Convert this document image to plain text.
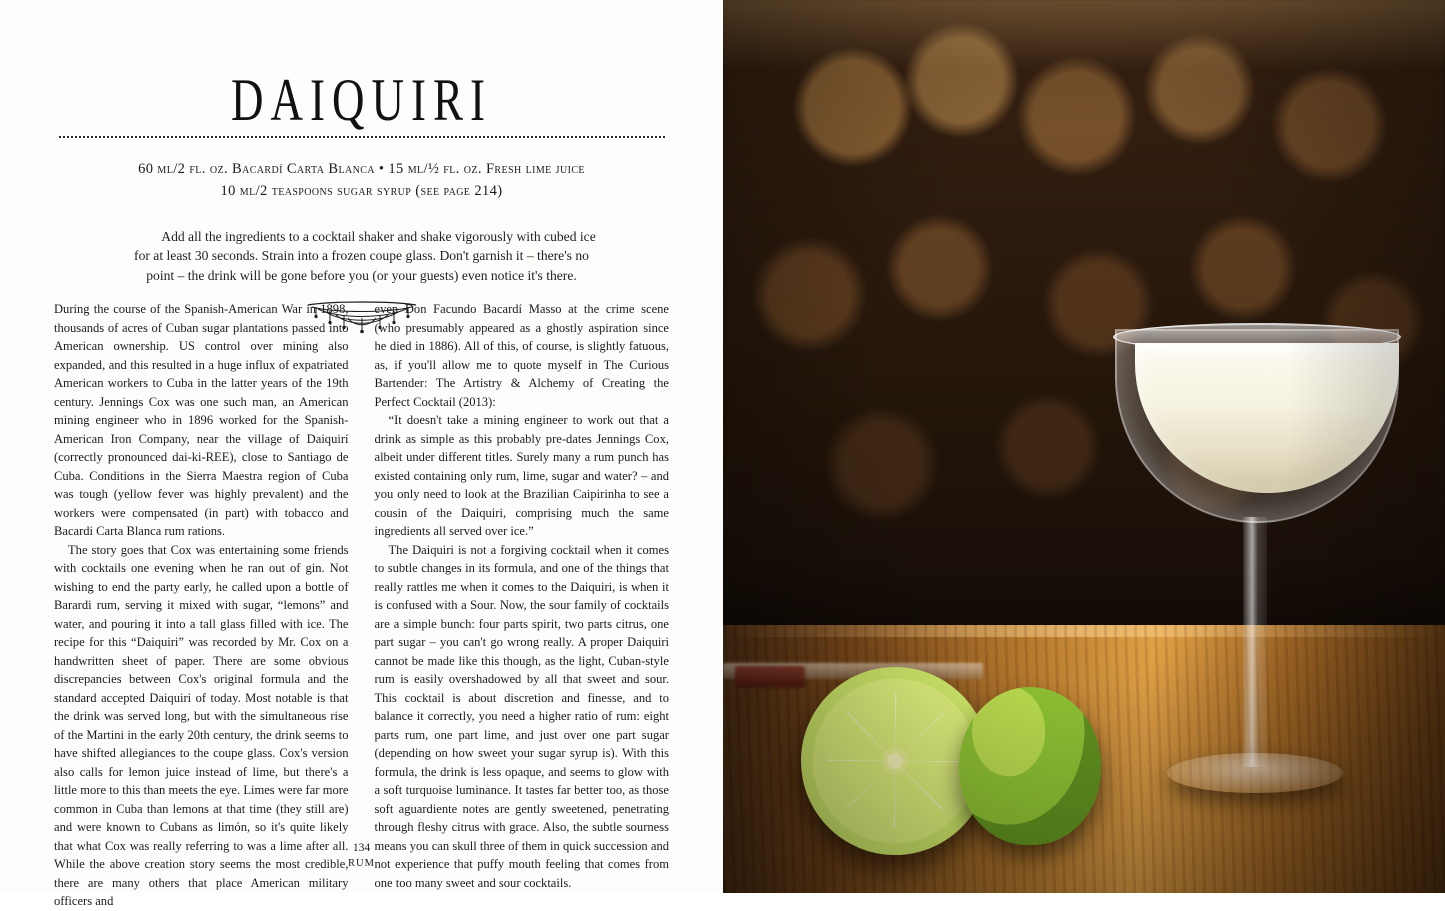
DAIQUIRI
60 ml/2 fl. oz. Bacardí Carta Blanca • 15 ml/½ fl. oz. Fresh lime juice
10 ml/2 teaspoons sugar syrup (see page 214)
Add all the ingredients to a cocktail shaker and shake vigorously with cubed ice for at least 30 seconds. Strain into a frozen coupe glass. Don't garnish it – there's no point – the drink will be gone before you (or your guests) even notice it's there.

During the course of the Spanish-American War in 1898, thousands of acres of Cuban sugar plantations passed into American ownership. US control over mining also expanded, and this resulted in a huge influx of expatriated American workers to Cuba in the latter years of the 19th century. Jennings Cox was one such man, an American mining engineer who in 1896 worked for the Spanish-American Iron Company, near the village of Daiquirí (correctly pronounced dai-ki-REE), close to Santiago de Cuba. Conditions in the Sierra Maestra region of Cuba was tough (yellow fever was highly prevalent) and the workers were compensated (in part) with tobacco and Bacardi Carta Blanca rum rations.

The story goes that Cox was entertaining some friends with cocktails one evening when he ran out of gin. Not wishing to end the party early, he called upon a bottle of Barardi rum, serving it mixed with sugar, “lemons” and water, and pouring it into a tall glass filled with ice. The recipe for this “Daiquiri” was recorded by Mr. Cox on a handwritten sheet of paper. There are some obvious discrepancies between Cox's original formula and the standard accepted Daiquiri of today. Most notable is that the drink was served long, but with the simultaneous rise of the Martini in the early 20th century, the drink seems to have shifted allegiances to the coupe glass. Cox's version also calls for lemon juice instead of lime, but there's a little more to this than meets the eye. Limes were far more common in Cuba than lemons at that time (they still are) and were known to Cubans as limón, so it's quite likely that what Cox was really referring to was a lime after all. While the above creation story seems the most credible, there are many others that place American military officers and

even Don Facundo Bacardí Masso at the crime scene (who presumably appeared as a ghostly aspiration since he died in 1886). All of this, of course, is slightly fatuous, as, if you'll allow me to quote myself in The Curious Bartender: The Artistry & Alchemy of Creating the Perfect Cocktail (2013):

“It doesn't take a mining engineer to work out that a drink as simple as this probably pre-dates Jennings Cox, albeit under different titles. Surely many a rum punch has existed containing only rum, lime, sugar and water? – and you only need to look at the Brazilian Caipirinha to see a cousin of the Daiquiri, comprising much the same ingredients all served over ice.”

The Daiquiri is not a forgiving cocktail when it comes to subtle changes in its formula, and one of the things that really rattles me when it comes to the Daiquiri, is when it is confused with a Sour. Now, the sour family of cocktails are a simple bunch: four parts spirit, two parts citrus, one part sugar – you can't go wrong really. A proper Daiquiri cannot be made like this though, as the light, Cuban-style rum is easily overshadowed by all that sweet and sour. This cocktail is about discretion and finesse, and to balance it correctly, you need a higher ratio of rum: eight parts rum, one part lime, and just over one part sugar (depending on how sweet your sugar syrup is). With this formula, the drink is less opaque, and seems to glow with a soft turquoise luminance. It tastes far better too, as those soft aguardiente notes are gently sweetened, penetrating through fleshy citrus with grace. Also, the subtle sourness means you can skull three of them in quick succession and not experience that puffy mouth feeling that comes from one too many sweet and sour cocktails.

134
RUM
